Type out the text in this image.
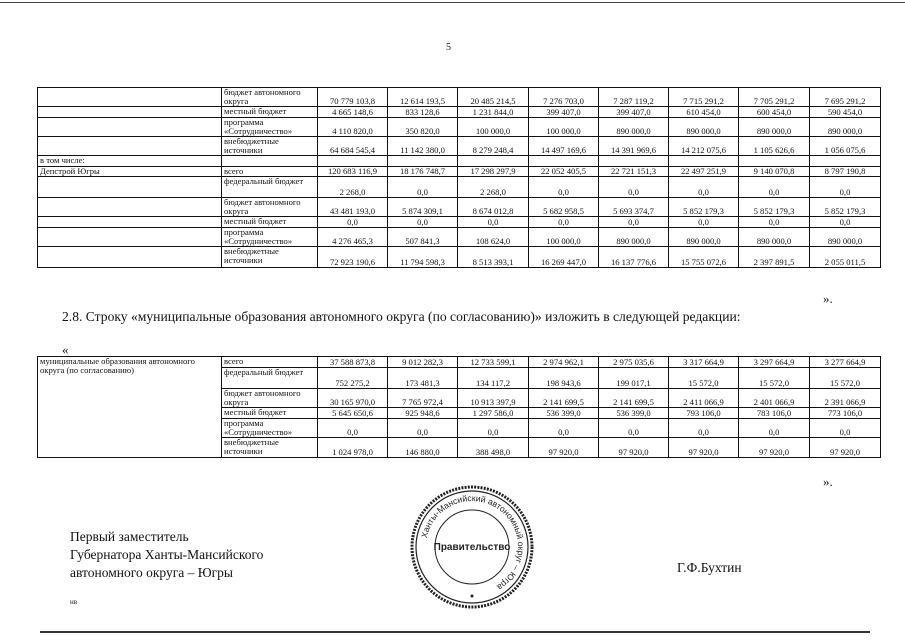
5
	бюджет автономного округа	70 779 103,8	12 614 193,5	20 485 214,5	7 276 703,0	7 287 119,2	7 715 291,2	7 705 291,2	7 695 291,2
	местный бюджет	4 665 148,6	833 128,6	1 231 844,0	399 407,0	399 407,0	610 454,0	600 454,0	590 454,0
	программа «Сотрудничество»	4 110 820,0	350 820,0	100 000,0	100 000,0	890 000,0	890 000,0	890 000,0	890 000,0
	внебюджетные источники	64 684 545,4	11 142 380,0	8 279 248,4	14 497 169,6	14 391 969,6	14 212 075,6	1 105 626,6	1 056 075,6
в том числе:									
Депстрой Югры	всего	120 683 116,9	18 176 748,7	17 298 297,9	22 052 405,5	22 721 151,3	22 497 251,9	9 140 070,8	8 797 190,8
	федеральный бюджет	2 268,0	0,0	2 268,0	0,0	0,0	0,0	0,0	0,0
	бюджет автономного округа	43 481 193,0	5 874 309,1	8 674 012,8	5 682 958,5	5 693 374,7	5 852 179,3	5 852 179,3	5 852 179,3
	местный бюджет	0,0	0,0	0,0	0,0	0,0	0,0	0,0	0,0
	программа «Сотрудничество»	4 276 465,3	507 841,3	108 624,0	100 000,0	890 000,0	890 000,0	890 000,0	890 000,0
	внебюджетные источники	72 923 190,6	11 794 598,3	8 513 393,1	16 269 447,0	16 137 776,6	15 755 072,6	2 397 891,5	2 055 011,5
».
2.8. Строку «муниципальные образования автономного округа (по согласованию)» изложить в следующей редакции:
«
муниципальные образования автономного округа (по согласованию)	всего	37 588 873,8	9 012 282,3	12 733 599,1	2 974 962,1	2 975 035,6	3 317 664,9	3 297 664,9	3 277 664,9
	федеральный бюджет	752 275,2	173 481,3	134 117,2	198 943,6	199 017,1	15 572,0	15 572,0	15 572,0
	бюджет автономного округа	30 165 970,0	7 765 972,4	10 913 397,9	2 141 699,5	2 141 699,5	2 411 066,9	2 401 066,9	2 391 066,9
	местный бюджет	5 645 650,6	925 948,6	1 297 586,0	536 399,0	536 399,0	793 106,0	783 106,0	773 106,0
	программа «Сотрудничество»	0,0	0,0	0,0	0,0	0,0	0,0	0,0	0,0
	внебюджетные источники	1 024 978,0	146 880,0	388 498,0	97 920,0	97 920,0	97 920,0	97 920,0	97 920,0
».
Первый заместитель
Губернатора Ханты-Мансийского
автономного округа – Югры	Г.Ф.Бухтин
нв
Ханты-Мансийский автономный округ – Югра
Правительство
